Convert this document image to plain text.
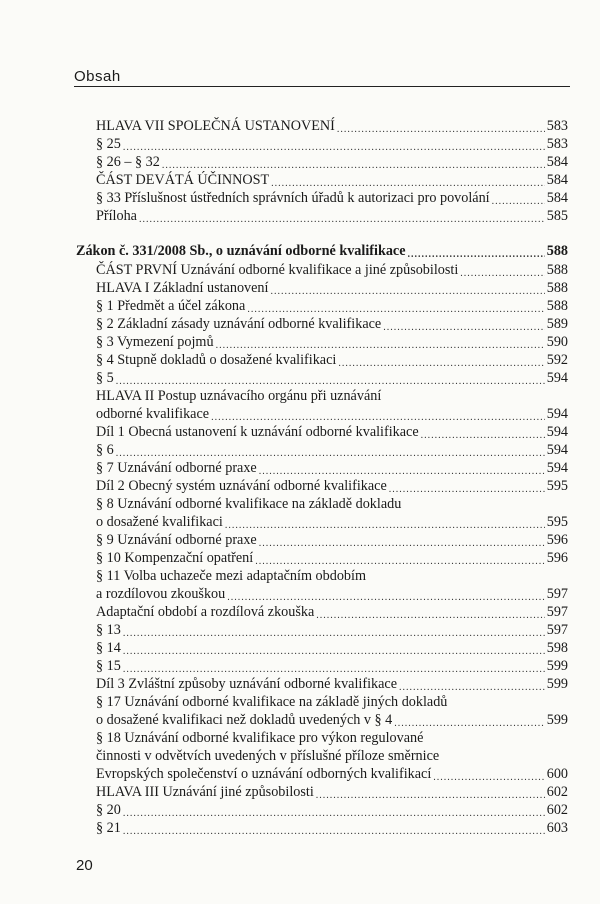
Obsah
HLAVA VII SPOLEČNÁ USTANOVENÍ .....	583
§ 25 .....	583
§ 26 – § 32 .....	584
ČÁST DEVÁTÁ ÚČINNOST .....	584
§ 33 Příslušnost ústředních správních úřadů k autorizaci pro povolání .....	584
Příloha .....	585
Zákon č. 331/2008 Sb., o uznávání odborné kvalifikace .....	588
ČÁST PRVNÍ Uznávání odborné kvalifikace a jiné způsobilosti .....	588
HLAVA I Základní ustanovení .....	588
§ 1 Předmět a účel zákona .....	588
§ 2 Základní zásady uznávání odborné kvalifikace .....	589
§ 3 Vymezení pojmů .....	590
§ 4 Stupně dokladů o dosažené kvalifikaci .....	592
§ 5 .....	594
HLAVA II Postup uznávacího orgánu při uznávání
odborné kvalifikace .....	594
Díl 1 Obecná ustanovení k uznávání odborné kvalifikace .....	594
§ 6 .....	594
§ 7 Uznávání odborné praxe .....	594
Díl 2 Obecný systém uznávání odborné kvalifikace .....	595
§ 8 Uznávání odborné kvalifikace na základě dokladu
o dosažené kvalifikaci .....	595
§ 9 Uznávání odborné praxe .....	596
§ 10 Kompenzační opatření .....	596
§ 11 Volba uchazeče mezi adaptačním obdobím
a rozdílovou zkouškou .....	597
Adaptační období a rozdílová zkouška .....	597
§ 13 .....	597
§ 14 .....	598
§ 15 .....	599
Díl 3 Zvláštní způsoby uznávání odborné kvalifikace .....	599
§ 17 Uznávání odborné kvalifikace na základě jiných dokladů
o dosažené kvalifikaci než dokladů uvedených v § 4 .....	599
§ 18 Uznávání odborné kvalifikace pro výkon regulované
činnosti v odvětvích uvedených v příslušné příloze směrnice
Evropských společenství o uznávání odborných kvalifikací .....	600
HLAVA III Uznávání jiné způsobilosti .....	602
§ 20 .....	602
§ 21 .....	603
20
